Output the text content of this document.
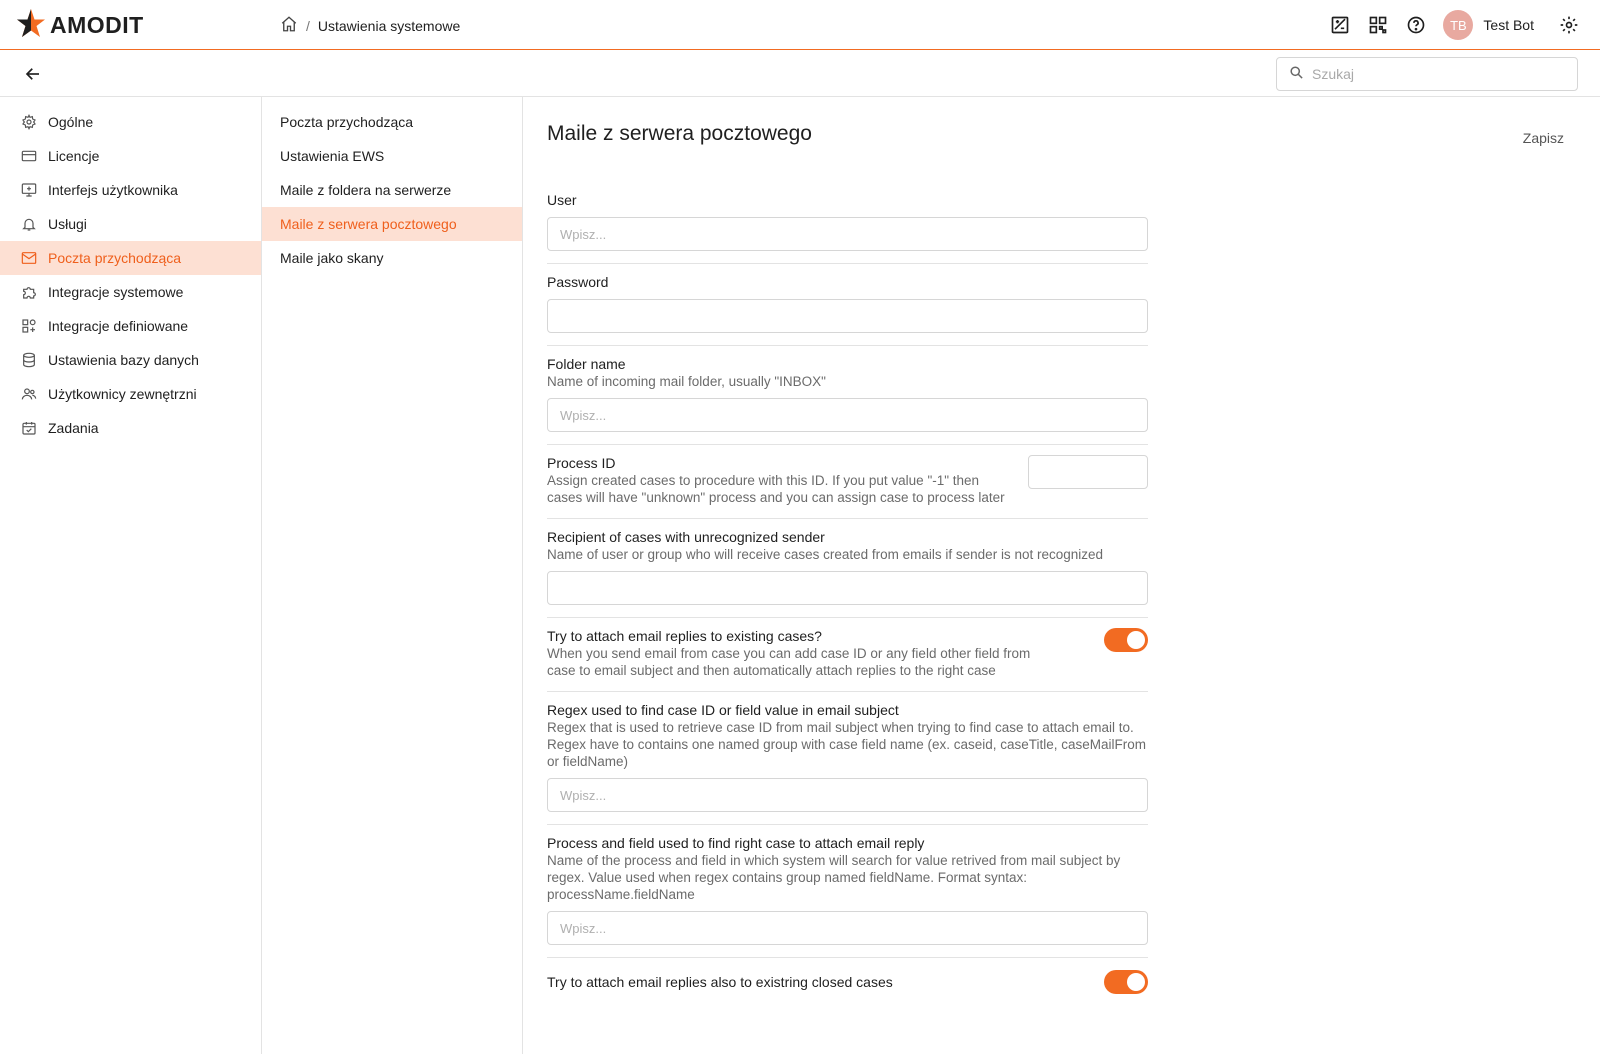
AMODIT	/ Ustawienia systemowe	TB	Test Bot
Szukaj
Ogólne
Licencje
Interfejs użytkownika
Usługi
Poczta przychodząca
Integracje systemowe
Integracje definiowane
Ustawienia bazy danych
Użytkownicy zewnętrzni
Zadania
Poczta przychodząca
Ustawienia EWS
Maile z foldera na serwerze
Maile z serwera pocztowego
Maile jako skany
Maile z serwera pocztowego	Zapisz
User
Wpisz...
Password
Folder name
Name of incoming mail folder, usually "INBOX"
Wpisz...
Process ID
Assign created cases to procedure with this ID. If you put value "-1" then cases will have "unknown" process and you can assign case to process later
Recipient of cases with unrecognized sender
Name of user or group who will receive cases created from emails if sender is not recognized
Try to attach email replies to existing cases?
When you send email from case you can add case ID or any field other field from case to email subject and then automatically attach replies to the right case
Regex used to find case ID or field value in email subject
Regex that is used to retrieve case ID from mail subject when trying to find case to attach email to. Regex have to contains one named group with case field name (ex. caseid, caseTitle, caseMailFrom or fieldName)
Wpisz...
Process and field used to find right case to attach email reply
Name of the process and field in which system will search for value retrived from mail subject by regex. Value used when regex contains group named fieldName. Format syntax: processName.fieldName
Wpisz...
Try to attach email replies also to existring closed cases
